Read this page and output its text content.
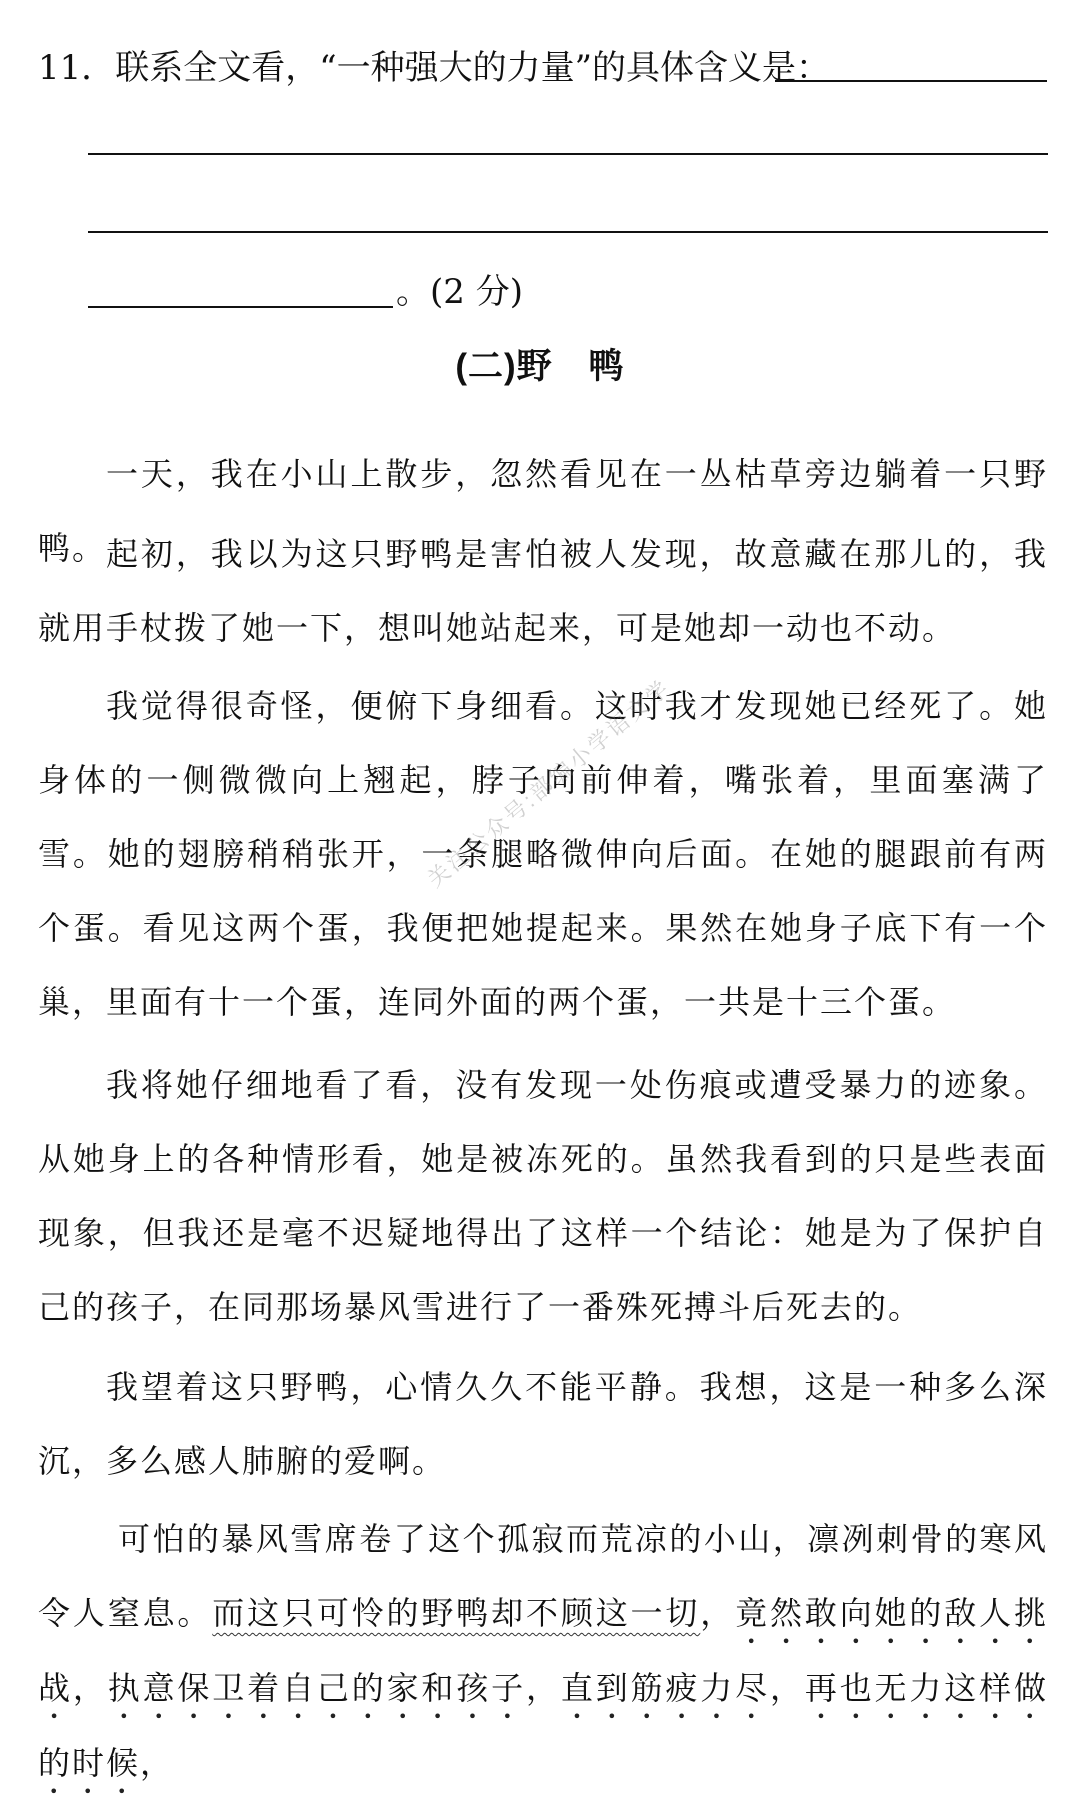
11．联系全文看，“一种强大的力量”的具体含义是：
。(2 分)
(二)野　鸭

一天，我在小山上散步，忽然看见在一丛枯草旁边躺着一只野鸭。 起初，我以为这只野鸭是害怕被人发现，故意藏在那儿的，我就用手杖拨了她一下，想叫她站起来，可是她却一动也不动。

我觉得很奇怪，便俯下身细看。这时我才发现她已经死了。她身体的一侧微微向上翘起，脖子向前伸着，嘴张着，里面塞满了雪。她的翅膀稍稍张开，一条腿略微伸向后面。在她的腿跟前有两个蛋。看见这两个蛋，我便把她提起来。果然在她身子底下有一个巢，里面有十一个蛋，连同外面的两个蛋，一共是十三个蛋。

我将她仔细地看了看，没有发现一处伤痕或遭受暴力的迹象。从她身上的各种情形看，她是被冻死的。虽然我看到的只是些表面现象，但我还是毫不迟疑地得出了这样一个结论：她是为了保护自己的孩子，在同那场暴风雪进行了一番殊死搏斗后死去的。

我望着这只野鸭，心情久久不能平静。我想，这是一种多么深沉，多么感人肺腑的爱啊。

可怕的暴风雪席卷了这个孤寂而荒凉的小山，凛冽刺骨的寒风令人窒息。而这只可怜的野鸭却不顾这一切，竟然敢向她的敌人挑战，执意保卫着自己的家和孩子，直到筋疲力尽，再也无力这样做的时候，

关注公众号:部编小学语文学
